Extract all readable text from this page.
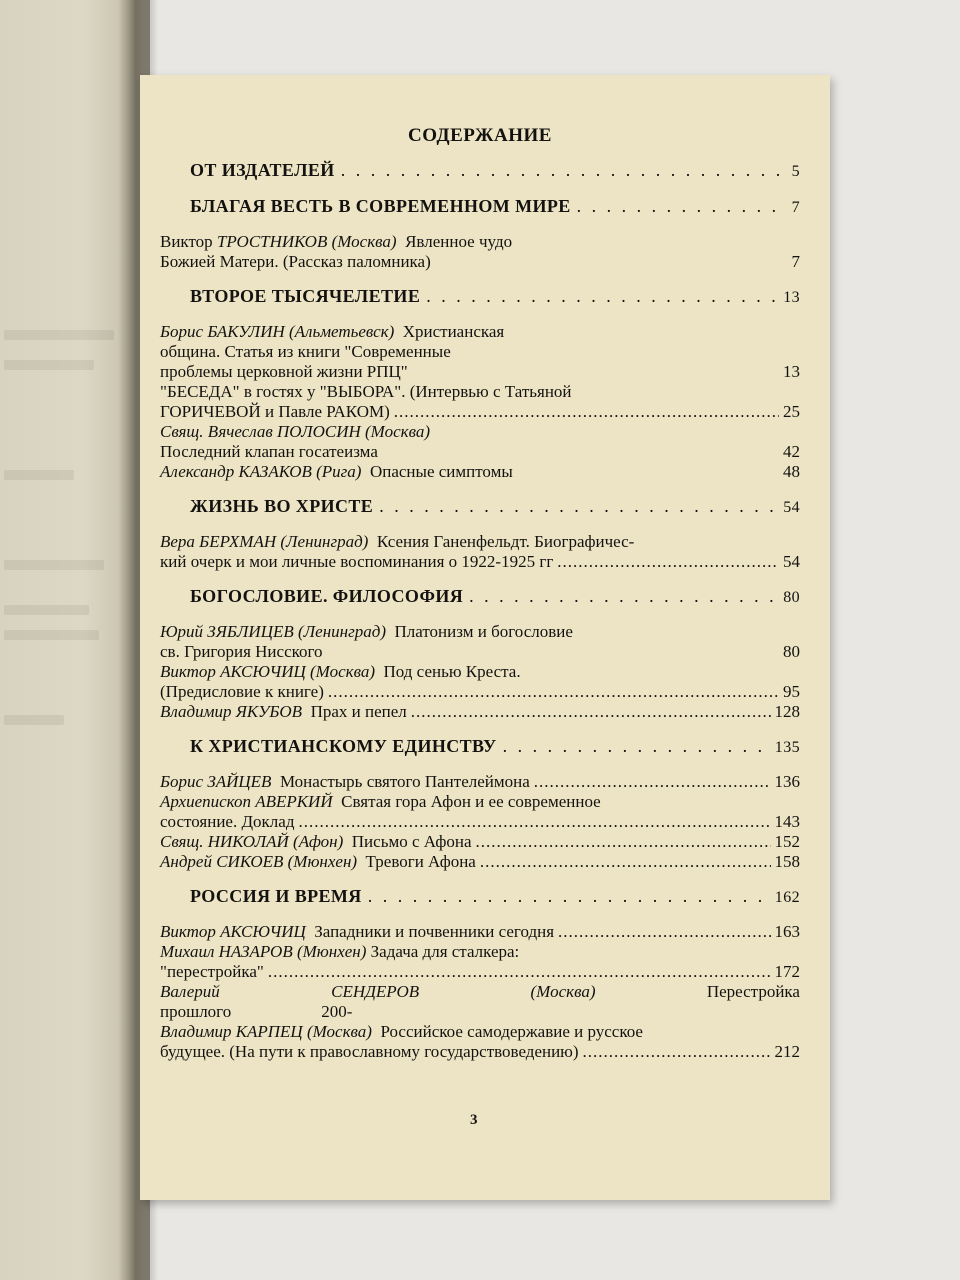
СОДЕРЖАНИЕ
ОТ ИЗДАТЕЛЕЙ . . .	5
БЛАГАЯ ВЕСТЬ В СОВРЕМЕННОМ МИРЕ . . .	7
Виктор ТРОСТНИКОВ (Москва) Явленное чудо
Божией Матери. (Рассказ паломника)	7
ВТОРОЕ ТЫСЯЧЕЛЕТИЕ . . .	13
Борис БАКУЛИН (Альметьевск) Христианская
община. Статья из книги "Современные
проблемы церковной жизни РПЦ"	13
"БЕСЕДА" в гостях у "ВЫБОРА". (Интервью с Татьяной
ГОРИЧЕВОЙ и Павле РАКОМ) .....	25
Свящ. Вячеслав ПОЛОСИН (Москва)
Последний клапан госатеизма	42
Александр КАЗАКОВ (Рига) Опасные симптомы	48
ЖИЗНЬ ВО ХРИСТЕ . . .	54
Вера БЕРХМАН (Ленинград) Ксения Ганенфельдт. Биографичес-
кий очерк и мои личные воспоминания о 1922-1925 гг .....	54
БОГОСЛОВИЕ. ФИЛОСОФИЯ . . .	80
Юрий ЗЯБЛИЦЕВ (Ленинград) Платонизм и богословие
св. Григория Нисского	80
Виктор АКСЮЧИЦ (Москва) Под сенью Креста.
(Предисловие к книге) .....	95
Владимир ЯКУБОВ Прах и пепел .....	128
К ХРИСТИАНСКОМУ ЕДИНСТВУ . . .	135
Борис ЗАЙЦЕВ Монастырь святого Пантелеймона .....	136
Архиепископ АВЕРКИЙ Святая гора Афон и ее современное
состояние. Доклад .....	143
Свящ. НИКОЛАЙ (Афон) Письмо с Афона .....	152
Андрей СИКОЕВ (Мюнхен) Тревоги Афона .....	158
РОССИЯ И ВРЕМЯ . . .	162
Виктор АКСЮЧИЦ Западники и почвенники сегодня .....	163
Михаил НАЗАРОВ (Мюнхен) Задача для сталкера:
"перестройка" .....	172
Валерий	СЕНДЕРОВ	(Москва)	Перестройка
прошлого	200-
Владимир КАРПЕЦ (Москва) Российское самодержавие и русское
будущее. (На пути к православному государствоведению) .....	212
3
